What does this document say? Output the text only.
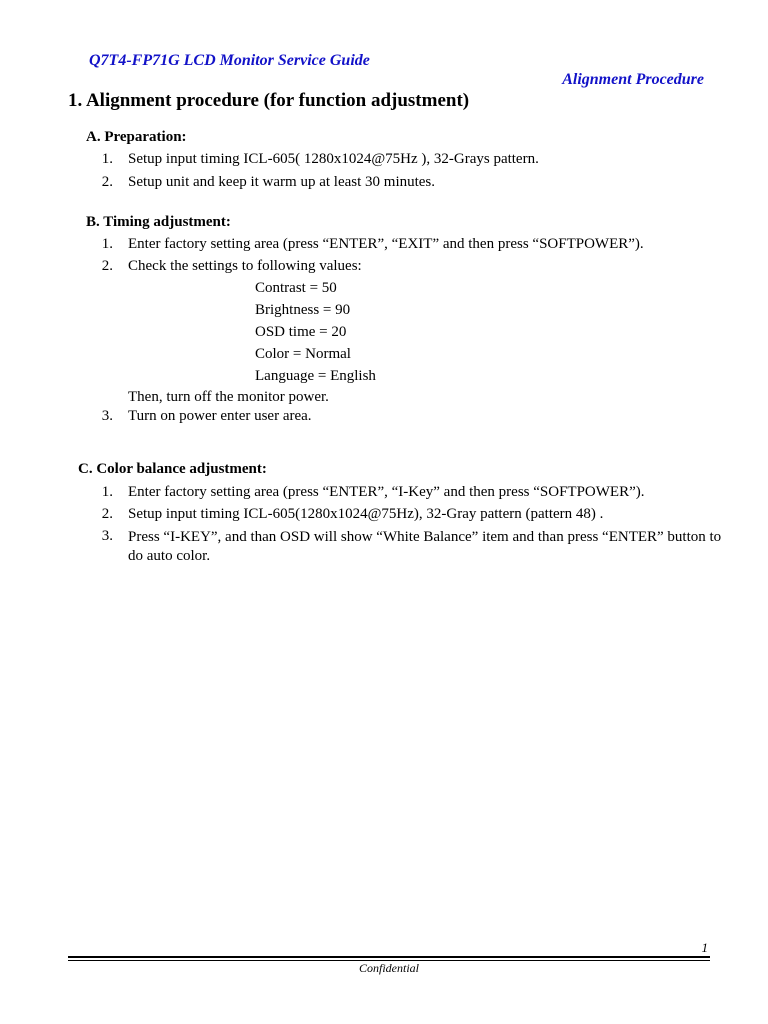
Q7T4-FP71G LCD Monitor Service Guide
Alignment Procedure
1. Alignment procedure (for function adjustment)
A. Preparation:
1. Setup input timing ICL-605( 1280x1024@75Hz ), 32-Grays pattern.
2. Setup unit and keep it warm up at least 30 minutes.
B. Timing adjustment:
1. Enter factory setting area (press “ENTER”, “EXIT” and then press “SOFTPOWER”).
2. Check the settings to following values:
Contrast = 50
Brightness = 90
OSD time = 20
Color = Normal
Language = English
Then, turn off the monitor power.
3. Turn on power enter user area.
C. Color balance adjustment:
1. Enter factory setting area (press “ENTER”, “I-Key” and then press “SOFTPOWER”).
2. Setup input timing ICL-605(1280x1024@75Hz), 32-Gray pattern (pattern 48) .
3. Press “I-KEY”, and than OSD will show “White Balance” item and than press “ENTER” button to do auto color.
1
Confidential
